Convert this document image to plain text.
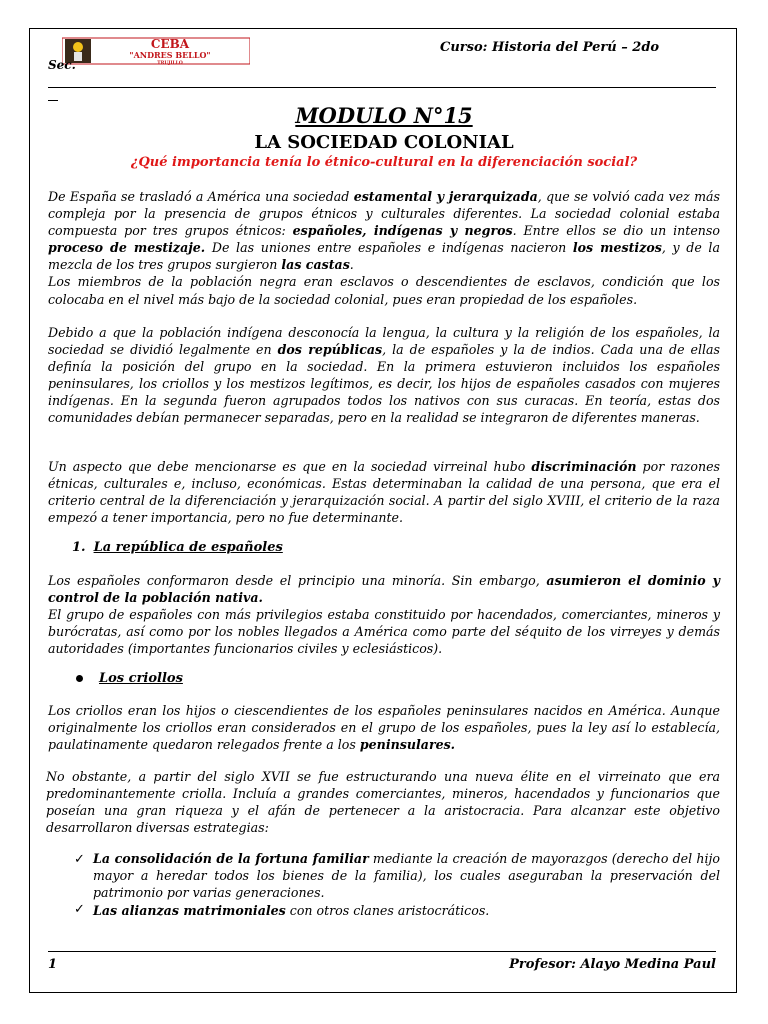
CEBA
"ANDRES BELLO"
TRUJILLO
Curso: Historia del Perú – 2do
Sec.
MODULO N°15
LA SOCIEDAD COLONIAL
¿Qué importancia tenía lo étnico-cultural en la diferenciación social?

De España se trasladó a América una sociedad estamental y jerarquizada, que se volvió cada vez más compleja por la presencia de grupos étnicos y culturales diferentes. La sociedad colonial estaba compuesta por tres grupos étnicos: españoles, indígenas y negros. Entre ellos se dio un intenso proceso de mestizaje. De las uniones entre españoles e indígenas nacieron los mestizos, y de la mezcla de los tres grupos surgieron las castas.
Los miembros de la población negra eran esclavos o descendientes de esclavos, condición que los colocaba en el nivel más bajo de la sociedad colonial, pues eran propiedad de los españoles.

Debido a que la población indígena desconocía la lengua, la cultura y la religión de los españoles, la sociedad se dividió legalmente en dos repúblicas, la de españoles y la de indios. Cada una de ellas definía la posición del grupo en la sociedad. En la primera estuvieron incluidos los españoles peninsulares, los criollos y los mestizos legítimos, es decir, los hijos de españoles casados con mujeres indígenas. En la segunda fueron agrupados todos los nativos con sus curacas. En teoría, estas dos comunidades debían permanecer separadas, pero en la realidad se integraron de diferentes maneras.

Un aspecto que debe mencionarse es que en la sociedad virreinal hubo discriminación por razones étnicas, culturales e, incluso, económicas. Estas determinaban la calidad de una persona, que era el criterio central de la diferenciación y jerarquización social. A partir del siglo XVIII, el criterio de la raza empezó a tener importancia, pero no fue determinante.

1. La república de españoles

Los españoles conformaron desde el principio una minoría. Sin embargo, asumieron el dominio y control de la población nativa.
El grupo de españoles con más privilegios estaba constituido por hacendados, comerciantes, mineros y burócratas, así como por los nobles llegados a América como parte del séquito de los virreyes y demás autoridades (importantes funcionarios civiles y eclesiásticos).

Los criollos

Los criollos eran los hijos o ciescendientes de los españoles peninsulares nacidos en América. Aunque originalmente los criollos eran considerados en el grupo de los españoles, pues la ley así lo establecía, paulatinamente quedaron relegados frente a los peninsulares.

No obstante, a partir del siglo XVII se fue estructurando una nueva élite en el virreinato que era predominantemente criolla. Incluía a grandes comerciantes, mineros, hacendados y funcionarios que poseían una gran riqueza y el afán de pertenecer a la aristocracia. Para alcanzar este objetivo desarrollaron diversas estrategias:

✓ La consolidación de la fortuna familiar mediante la creación de mayorazgos (derecho del hijo mayor a heredar todos los bienes de la familia), los cuales aseguraban la preservación del patrimonio por varias generaciones.

✓ Las alianzas matrimoniales con otros clanes aristocráticos.

1	Profesor: Alayo Medina Paul
